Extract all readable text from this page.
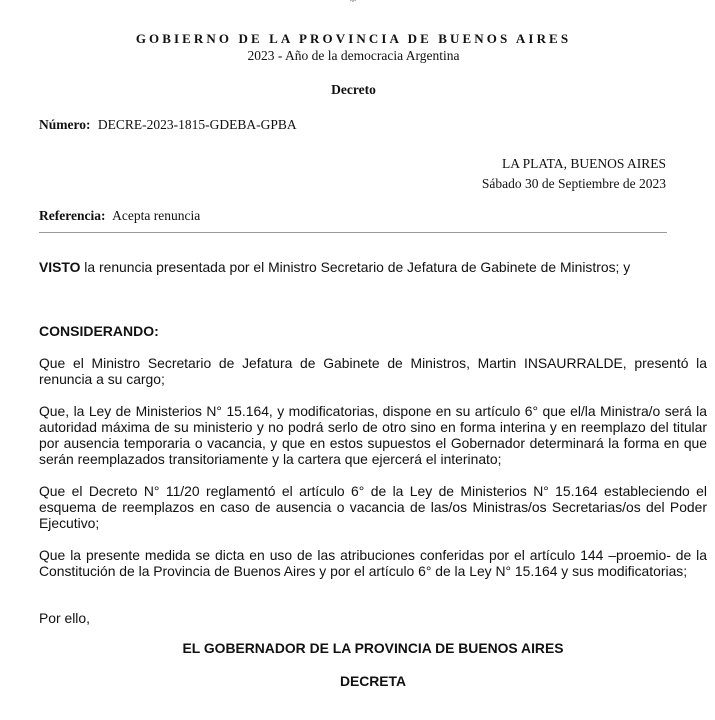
GOBIERNO DE LA PROVINCIA DE BUENOS AIRES
2023 - Año de la democracia Argentina
Decreto
Número: DECRE-2023-1815-GDEBA-GPBA
LA PLATA, BUENOS AIRES
Sábado 30 de Septiembre de 2023
Referencia: Acepta renuncia
VISTO la renuncia presentada por el Ministro Secretario de Jefatura de Gabinete de Ministros; y
CONSIDERANDO:
Que el Ministro Secretario de Jefatura de Gabinete de Ministros, Martin INSAURRALDE, presentó la renuncia a su cargo;
Que, la Ley de Ministerios N° 15.164, y modificatorias, dispone en su artículo 6° que el/la Ministra/o será la autoridad máxima de su ministerio y no podrá serlo de otro sino en forma interina y en reemplazo del titular por ausencia temporaria o vacancia, y que en estos supuestos el Gobernador determinará la forma en que serán reemplazados transitoriamente y la cartera que ejercerá el interinato;
Que el Decreto N° 11/20 reglamentó el artículo 6° de la Ley de Ministerios N° 15.164 estableciendo el esquema de reemplazos en caso de ausencia o vacancia de las/os Ministras/os Secretarias/os del Poder Ejecutivo;
Que la presente medida se dicta en uso de las atribuciones conferidas por el artículo 144 –proemio- de la Constitución de la Provincia de Buenos Aires y por el artículo 6° de la Ley N° 15.164 y sus modificatorias;
Por ello,
EL GOBERNADOR DE LA PROVINCIA DE BUENOS AIRES
DECRETA
